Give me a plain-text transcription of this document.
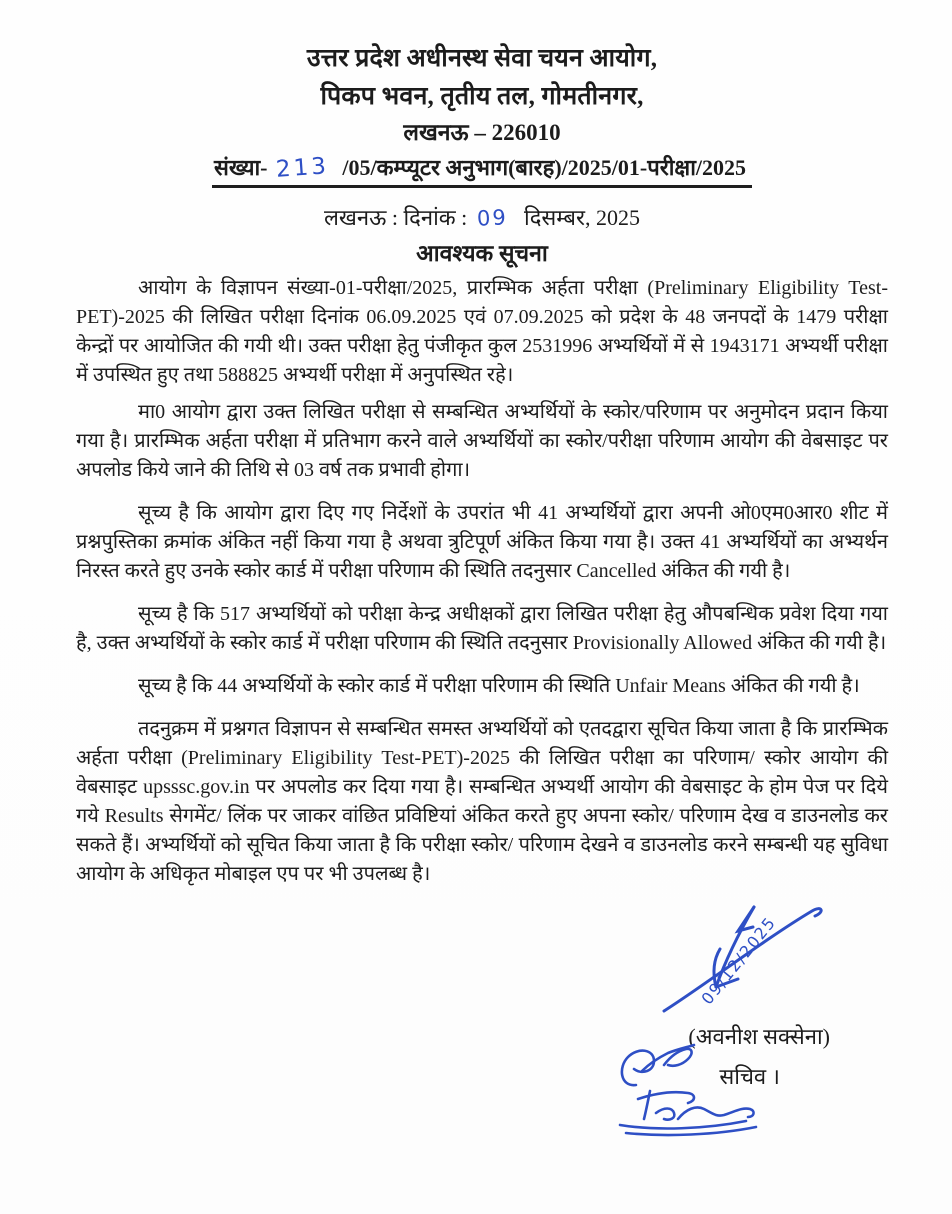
उत्तर प्रदेश अधीनस्थ सेवा चयन आयोग,
पिकप भवन, तृतीय तल, गोमतीनगर,
लखनऊ – 226010
संख्या- 213 /05/कम्प्यूटर अनुभाग(बारह)/2025/01-परीक्षा/2025
लखनऊ : दिनांक : 09 दिसम्बर, 2025
आवश्यक सूचना

आयोग के विज्ञापन संख्या-01-परीक्षा/2025, प्रारम्भिक अर्हता परीक्षा (Preliminary Eligibility Test-PET)-2025 की लिखित परीक्षा दिनांक 06.09.2025 एवं 07.09.2025 को प्रदेश के 48 जनपदों के 1479 परीक्षा केन्द्रों पर आयोजित की गयी थी। उक्त परीक्षा हेतु पंजीकृत कुल 2531996 अभ्यर्थियों में से 1943171 अभ्यर्थी परीक्षा में उपस्थित हुए तथा 588825 अभ्यर्थी परीक्षा में अनुपस्थित रहे।

मा0 आयोग द्वारा उक्त लिखित परीक्षा से सम्बन्धित अभ्यर्थियों के स्कोर/परिणाम पर अनुमोदन प्रदान किया गया है। प्रारम्भिक अर्हता परीक्षा में प्रतिभाग करने वाले अभ्यर्थियों का स्कोर/परीक्षा परिणाम आयोग की वेबसाइट पर अपलोड किये जाने की तिथि से 03 वर्ष तक प्रभावी होगा।

सूच्य है कि आयोग द्वारा दिए गए निर्देशों के उपरांत भी 41 अभ्यर्थियों द्वारा अपनी ओ0एम0आर0 शीट में प्रश्नपुस्तिका क्रमांक अंकित नहीं किया गया है अथवा त्रुटिपूर्ण अंकित किया गया है। उक्त 41 अभ्यर्थियों का अभ्यर्थन निरस्त करते हुए उनके स्कोर कार्ड में परीक्षा परिणाम की स्थिति तदनुसार Cancelled अंकित की गयी है।

सूच्य है कि 517 अभ्यर्थियों को परीक्षा केन्द्र अधीक्षकों द्वारा लिखित परीक्षा हेतु औपबन्धिक प्रवेश दिया गया है, उक्त अभ्यर्थियों के स्कोर कार्ड में परीक्षा परिणाम की स्थिति तदनुसार Provisionally Allowed अंकित की गयी है।

सूच्य है कि 44 अभ्यर्थियों के स्कोर कार्ड में परीक्षा परिणाम की स्थिति Unfair Means अंकित की गयी है।

तदनुक्रम में प्रश्नगत विज्ञापन से सम्बन्धित समस्त अभ्यर्थियों को एतदद्वारा सूचित किया जाता है कि प्रारम्भिक अर्हता परीक्षा (Preliminary Eligibility Test-PET)-2025 की लिखित परीक्षा का परिणाम/ स्कोर आयोग की वेबसाइट upsssc.gov.in पर अपलोड कर दिया गया है। सम्बन्धित अभ्यर्थी आयोग की वेबसाइट के होम पेज पर दिये गये Results सेगमेंट/ लिंक पर जाकर वांछित प्रविष्टियां अंकित करते हुए अपना स्कोर/ परिणाम देख व डाउनलोड कर सकते हैं। अभ्यर्थियों को सूचित किया जाता है कि परीक्षा स्कोर/ परिणाम देखने व डाउनलोड करने सम्बन्धी यह सुविधा आयोग के अधिकृत मोबाइल एप पर भी उपलब्ध है।

09/12/2025
(अवनीश सक्सेना)
सचिव ।
